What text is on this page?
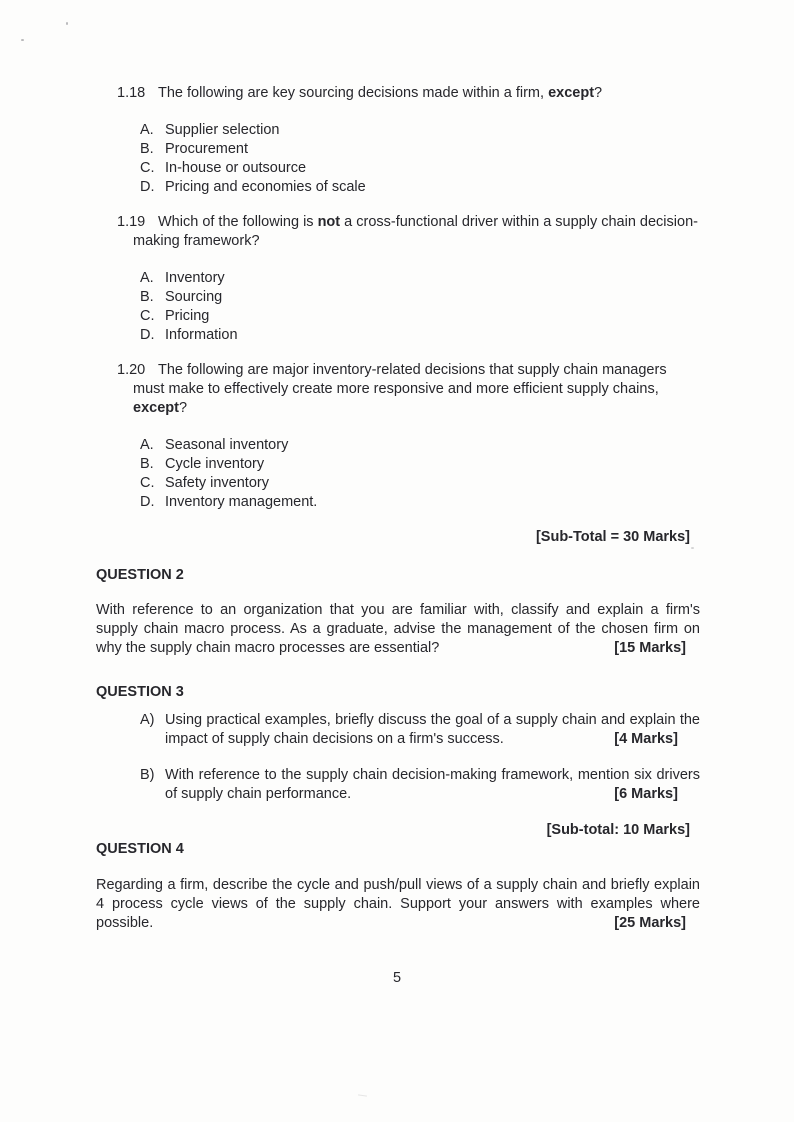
1.18 The following are key sourcing decisions made within a firm, except?

A. Supplier selection

B. Procurement

C. In-house or outsource

D. Pricing and economies of scale

1.19 Which of the following is not a cross-functional driver within a supply chain decision-making framework?

A. Inventory

B. Sourcing

C. Pricing

D. Information

1.20 The following are major inventory-related decisions that supply chain managers must make to effectively create more responsive and more efficient supply chains, except?

A. Seasonal inventory

B. Cycle inventory

C. Safety inventory

D. Inventory management.

[Sub-Total = 30 Marks]

QUESTION 2

With reference to an organization that you are familiar with, classify and explain a firm's supply chain macro process. As a graduate, advise the management of the chosen firm on why the supply chain macro processes are essential?	[15 Marks]

QUESTION 3

A) Using practical examples, briefly discuss the goal of a supply chain and explain the impact of supply chain decisions on a firm's success.	[4 Marks]

B) With reference to the supply chain decision-making framework, mention six drivers of supply chain performance.	[6 Marks]

[Sub-total: 10 Marks]

QUESTION 4

Regarding a firm, describe the cycle and push/pull views of a supply chain and briefly explain 4 process cycle views of the supply chain. Support your answers with examples where possible.	[25 Marks]

5
